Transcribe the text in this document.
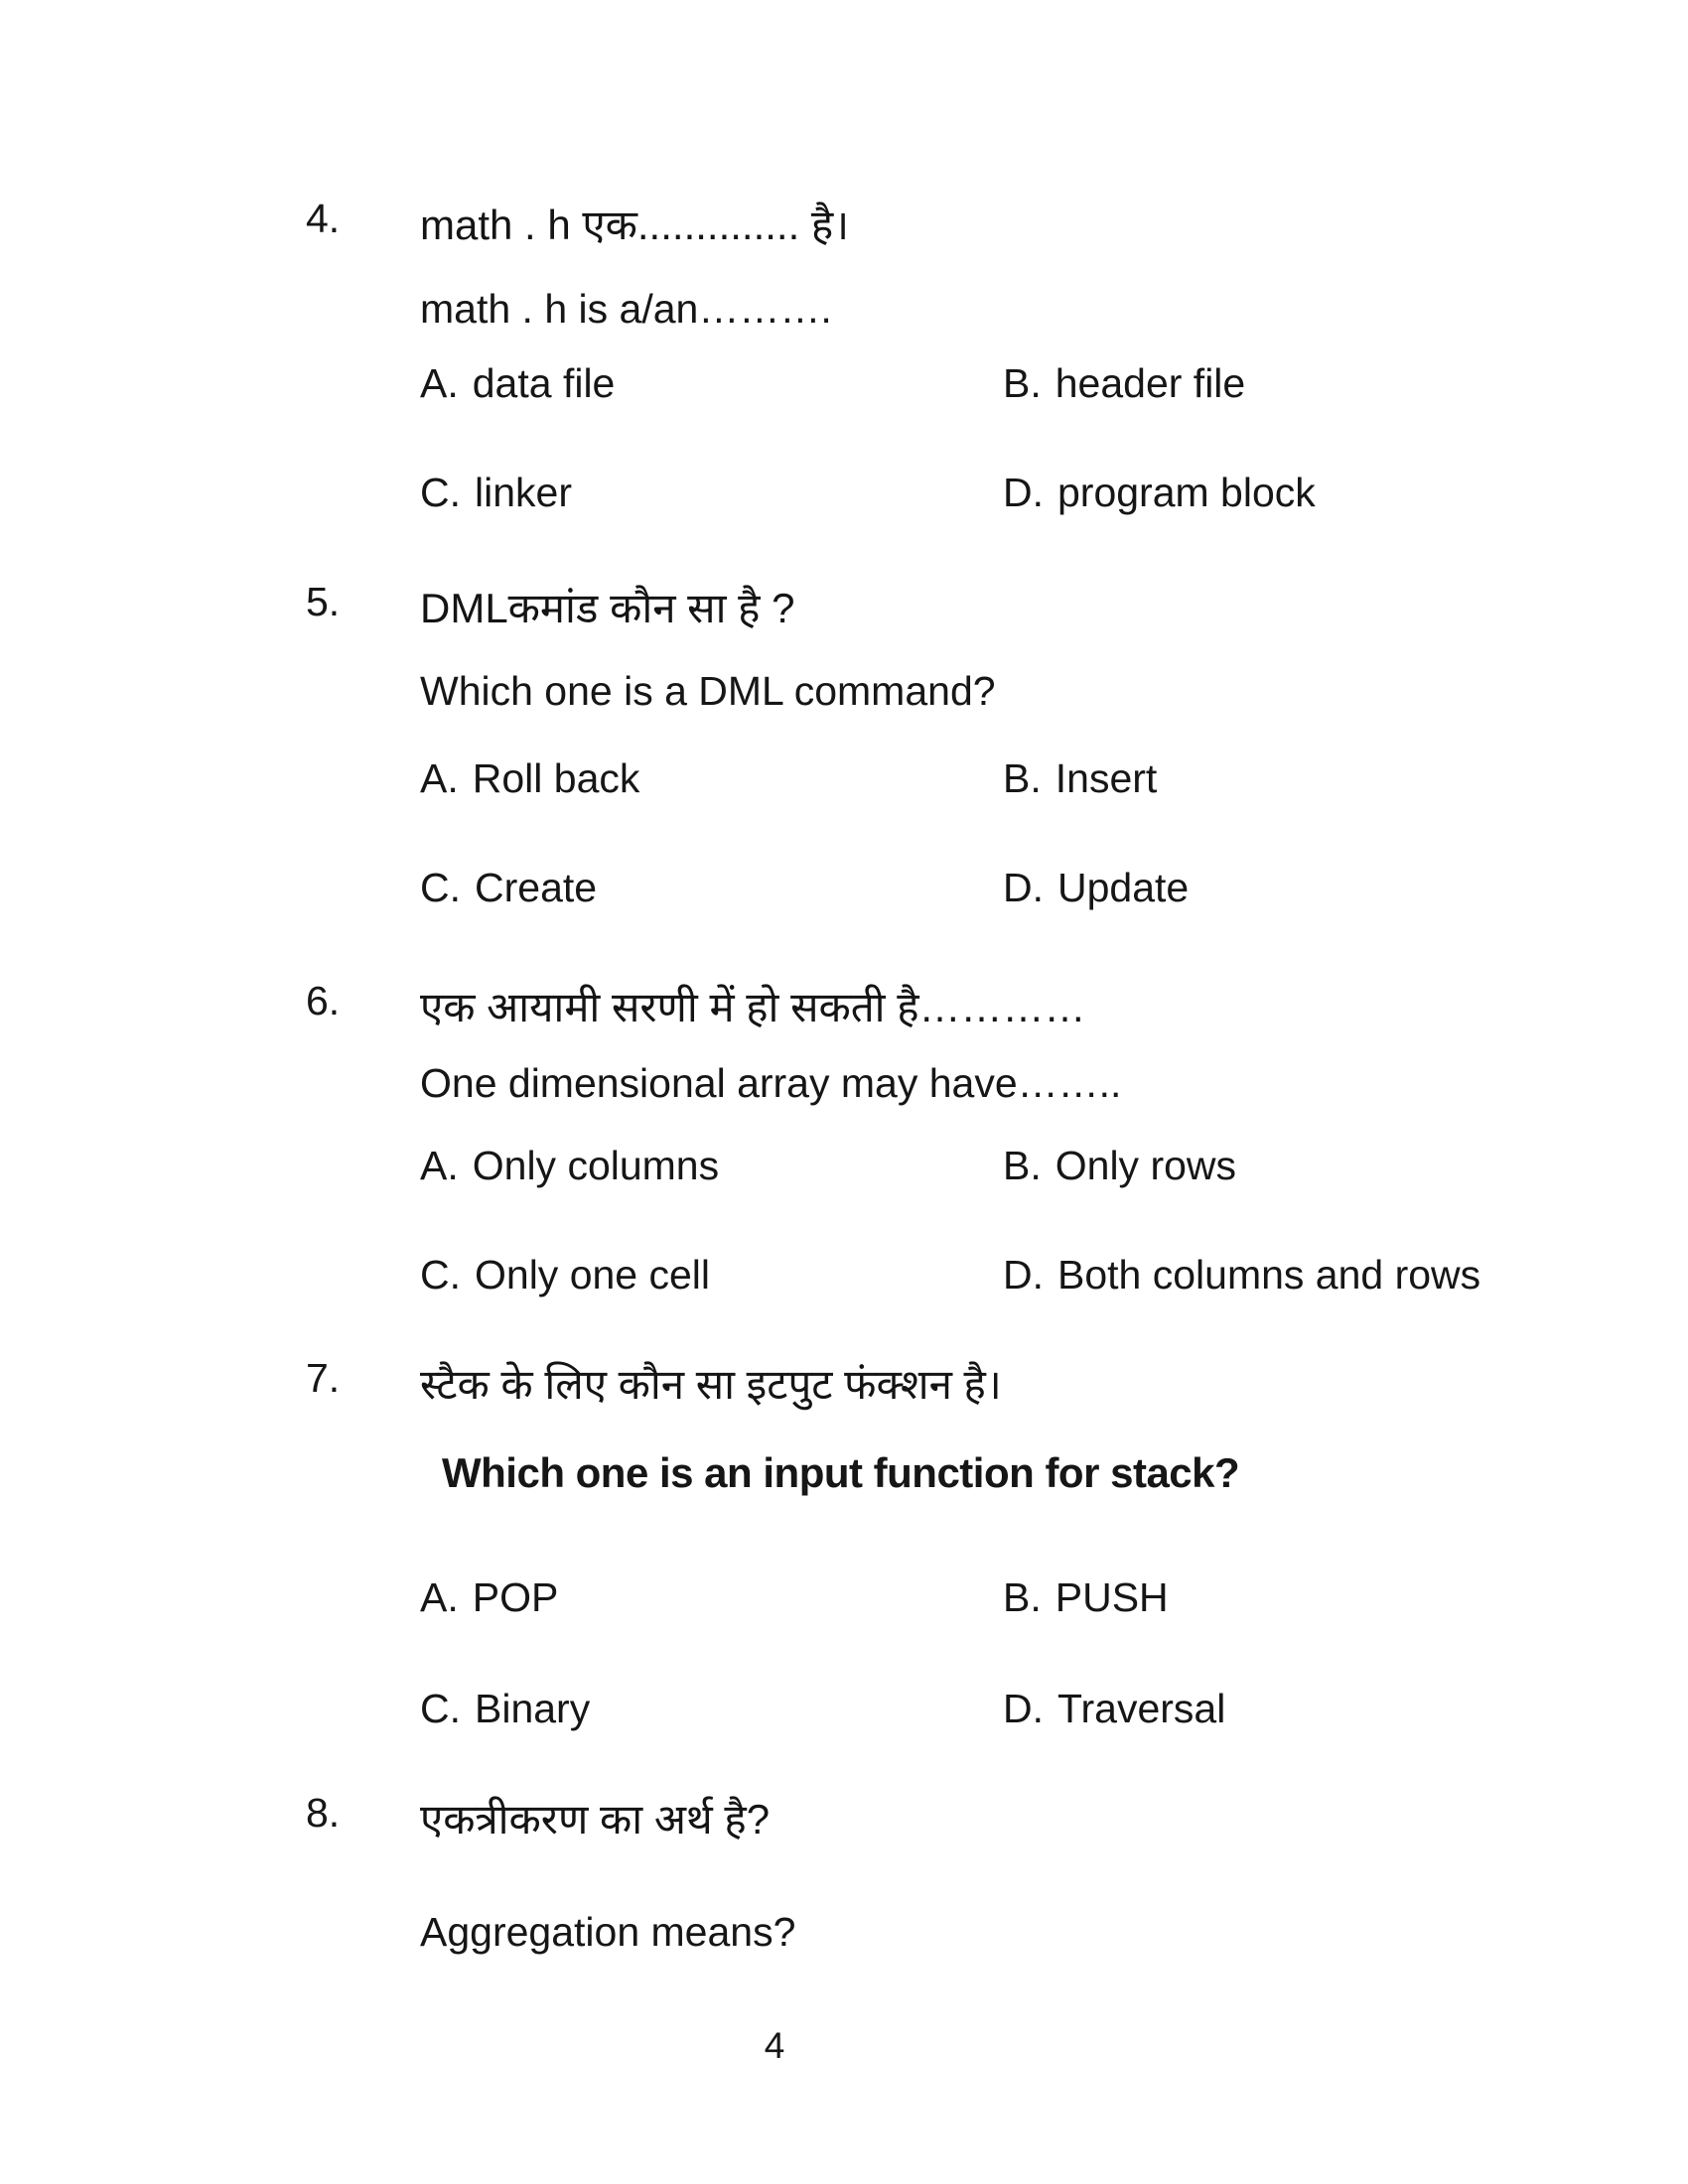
4. math . h एक.............. है।
math . h is a/an……….
A. data file	B. header file
C. linker	D. program block
5. DMLकमांड कौन सा है ?
Which one is a DML command?
A. Roll back	B. Insert
C. Create	D. Update
6. एक आयामी सरणी में हो सकती है…………
One dimensional array may have……..
A. Only columns	B. Only rows
C. Only one cell	D. Both columns and rows
7. स्टैक के लिए कौन सा इटपुट फंक्शन है।
Which one is an input function for stack?
A. POP	B. PUSH
C. Binary	D. Traversal
8. एकत्रीकरण का अर्थ है?
Aggregation means?
4
